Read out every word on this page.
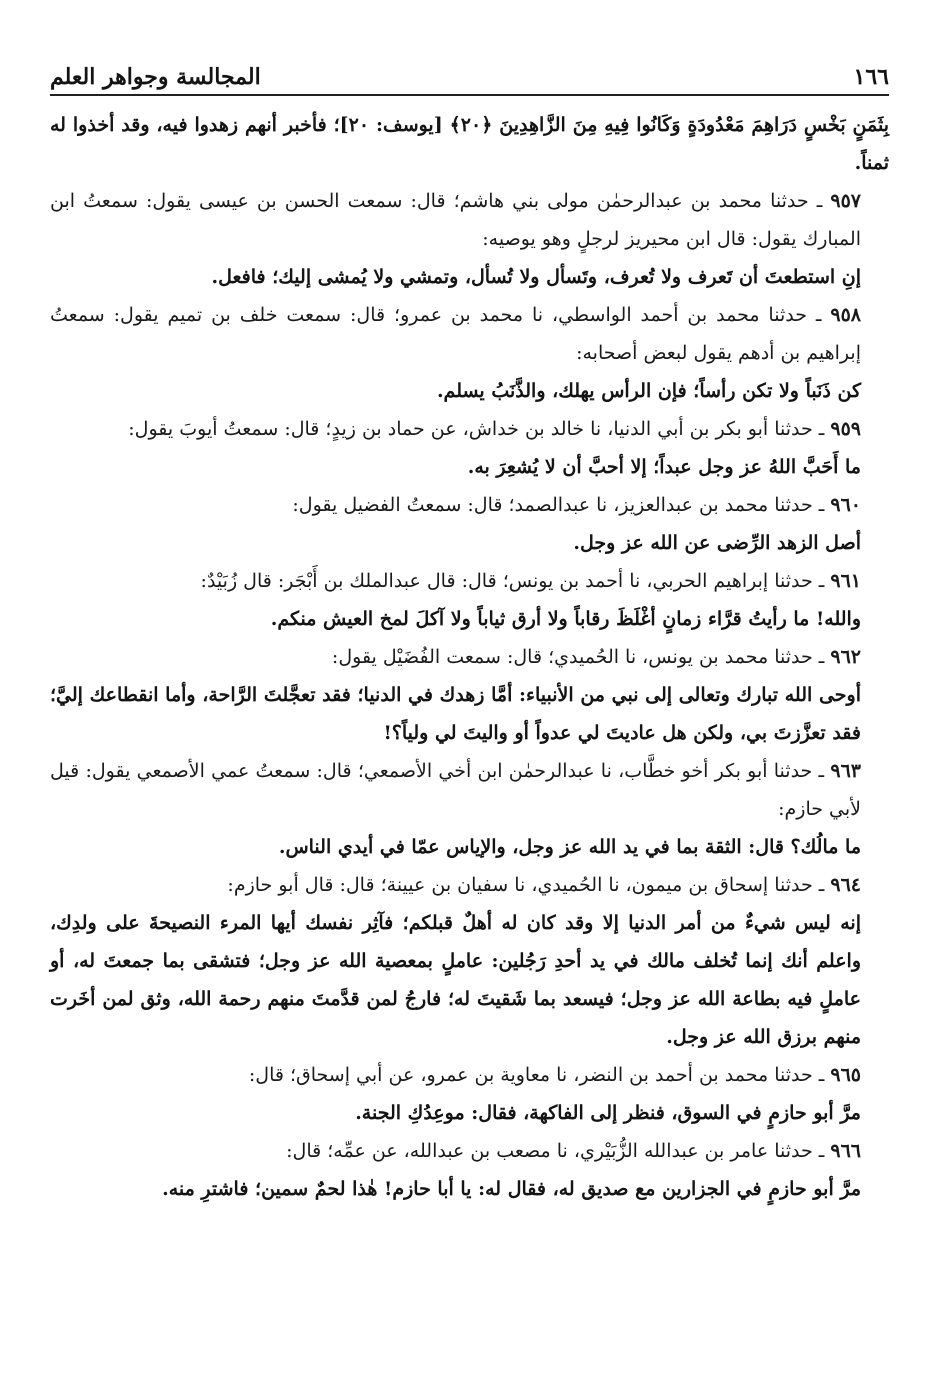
١٦٦
المجالسة وجواهر العلم

بِثَمَنٍ بَخْسٍ دَرَاهِمَ مَعْدُودَةٍ وَكَانُوا فِيهِ مِنَ الزَّاهِدِينَ ﴿٢٠﴾ [يوسف: ٢٠]؛ فأخبر أنهم زهدوا فيه، وقد أخذوا له ثمناً.

٩٥٧ ـ حدثنا محمد بن عبدالرحمٰن مولى بني هاشم؛ قال: سمعت الحسن بن عيسى يقول: سمعتُ ابن المبارك يقول: قال ابن محيريز لرجلٍ وهو يوصيه:

إنِ استطعتَ أن تَعرف ولا تُعرف، وتَسأل ولا تُسأل، وتمشي ولا يُمشى إليك؛ فافعل.

٩٥٨ ـ حدثنا محمد بن أحمد الواسطي، نا محمد بن عمرو؛ قال: سمعت خلف بن تميم يقول: سمعتُ إبراهيم بن أدهم يقول لبعض أصحابه:

كن ذَنَباً ولا تكن رأساً؛ فإن الرأس يهلك، والذَّنَبُ يسلم.

٩٥٩ ـ حدثنا أبو بكر بن أبي الدنيا، نا خالد بن خداش، عن حماد بن زيدٍ؛ قال: سمعتُ أيوبَ يقول:

ما أَحَبَّ اللهُ عز وجل عبداً؛ إلا أحبَّ أن لا يُشعِرَ به.

٩٦٠ ـ حدثنا محمد بن عبدالعزيز، نا عبدالصمد؛ قال: سمعتُ الفضيل يقول:

أصل الزهد الرِّضى عن الله عز وجل.

٩٦١ ـ حدثنا إبراهيم الحربي، نا أحمد بن يونس؛ قال: قال عبدالملك بن أَبْجَر: قال زُبَيْدٌ:

والله! ما رأيتُ قرَّاء زمانٍ أغْلَظَ رقاباً ولا أرق ثياباً ولا آكلَ لمخ العيش منكم.

٩٦٢ ـ حدثنا محمد بن يونس، نا الحُميدي؛ قال: سمعت الفُضَيْل يقول:

أوحى الله تبارك وتعالى إلى نبي من الأنبياء: أمَّا زهدك في الدنيا؛ فقد تعجَّلتَ الرَّاحة، وأما انقطاعك إليَّ؛ فقد تعزَّزتَ بي، ولكن هل عاديتَ لي عدواً أو واليتَ لي ولياً؟!

٩٦٣ ـ حدثنا أبو بكر أخو خطَّاب، نا عبدالرحمٰن ابن أخي الأصمعي؛ قال: سمعتُ عمي الأصمعي يقول: قيل لأبي حازم:

ما مالُك؟ قال: الثقة بما في يد الله عز وجل، والإياس عمّا في أيدي الناس.

٩٦٤ ـ حدثنا إسحاق بن ميمون، نا الحُميدي، نا سفيان بن عيينة؛ قال: قال أبو حازم:

إنه ليس شيءٌ من أمر الدنيا إلا وقد كان له أهلٌ قبلكم؛ فآثِر نفسك أيها المرء النصيحةَ على ولدِك، واعلم أنك إنما تُخلف مالك في يد أحدِ رَجُلين: عاملٍ بمعصية الله عز وجل؛ فتشقى بما جمعتَ له، أو عاملٍ فيه بطاعة الله عز وجل؛ فيسعد بما شَقيتَ له؛ فارجُ لمن قدَّمتَ منهم رحمة الله، وثق لمن أخَرت منهم برزق الله عز وجل.

٩٦٥ ـ حدثنا محمد بن أحمد بن النضر، نا معاوية بن عمرو، عن أبي إسحاق؛ قال:

مرَّ أبو حازمٍ في السوق، فنظر إلى الفاكهة، فقال: موعِدُكِ الجنة.

٩٦٦ ـ حدثنا عامر بن عبدالله الزُّبَيْري، نا مصعب بن عبدالله، عن عمِّه؛ قال:

مرَّ أبو حازمٍ في الجزارين مع صديق له، فقال له: يا أبا حازم! هٰذا لحمٌ سمين؛ فاشترِ منه.
